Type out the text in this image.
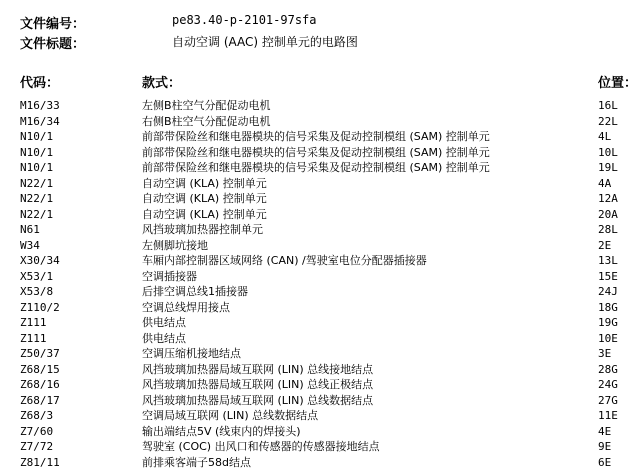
文件编号：	pe83.40-p-2101-97sfa
文件标题：	自动空调 (AAC) 控制单元的电路图
代码：	款式：	位置：
M16/33	左侧B柱空气分配促动电机	16L
M16/34	右侧B柱空气分配促动电机	22L
N10/1	前部带保险丝和继电器模块的信号采集及促动控制模组 (SAM) 控制单元	4L
N10/1	前部带保险丝和继电器模块的信号采集及促动控制模组 (SAM) 控制单元	10L
N10/1	前部带保险丝和继电器模块的信号采集及促动控制模组 (SAM) 控制单元	19L
N22/1	自动空调 (KLA) 控制单元	4A
N22/1	自动空调 (KLA) 控制单元	12A
N22/1	自动空调 (KLA) 控制单元	20A
N61	风挡玻璃加热器控制单元	28L
W34	左侧脚坑接地	2E
X30/34	车厢内部控制器区域网络 (CAN) /驾驶室电位分配器插接器	13L
X53/1	空调插接器	15E
X53/8	后排空调总线1插接器	24J
Z110/2	空调总线焊用接点	18G
Z111	供电结点	19G
Z111	供电结点	10E
Z50/37	空调压缩机接地结点	3E
Z68/15	风挡玻璃加热器局域互联网 (LIN) 总线接地结点	28G
Z68/16	风挡玻璃加热器局域互联网 (LIN) 总线正极结点	24G
Z68/17	风挡玻璃加热器局域互联网 (LIN) 总线数据结点	27G
Z68/3	空调局域互联网 (LIN) 总线数据结点	11E
Z7/60	输出端结点5V (线束内的焊接头)	4E
Z7/72	驾驶室 (COC) 出风口和传感器的传感器接地结点	9E
Z81/11	前排乘客端子58d结点	6E
